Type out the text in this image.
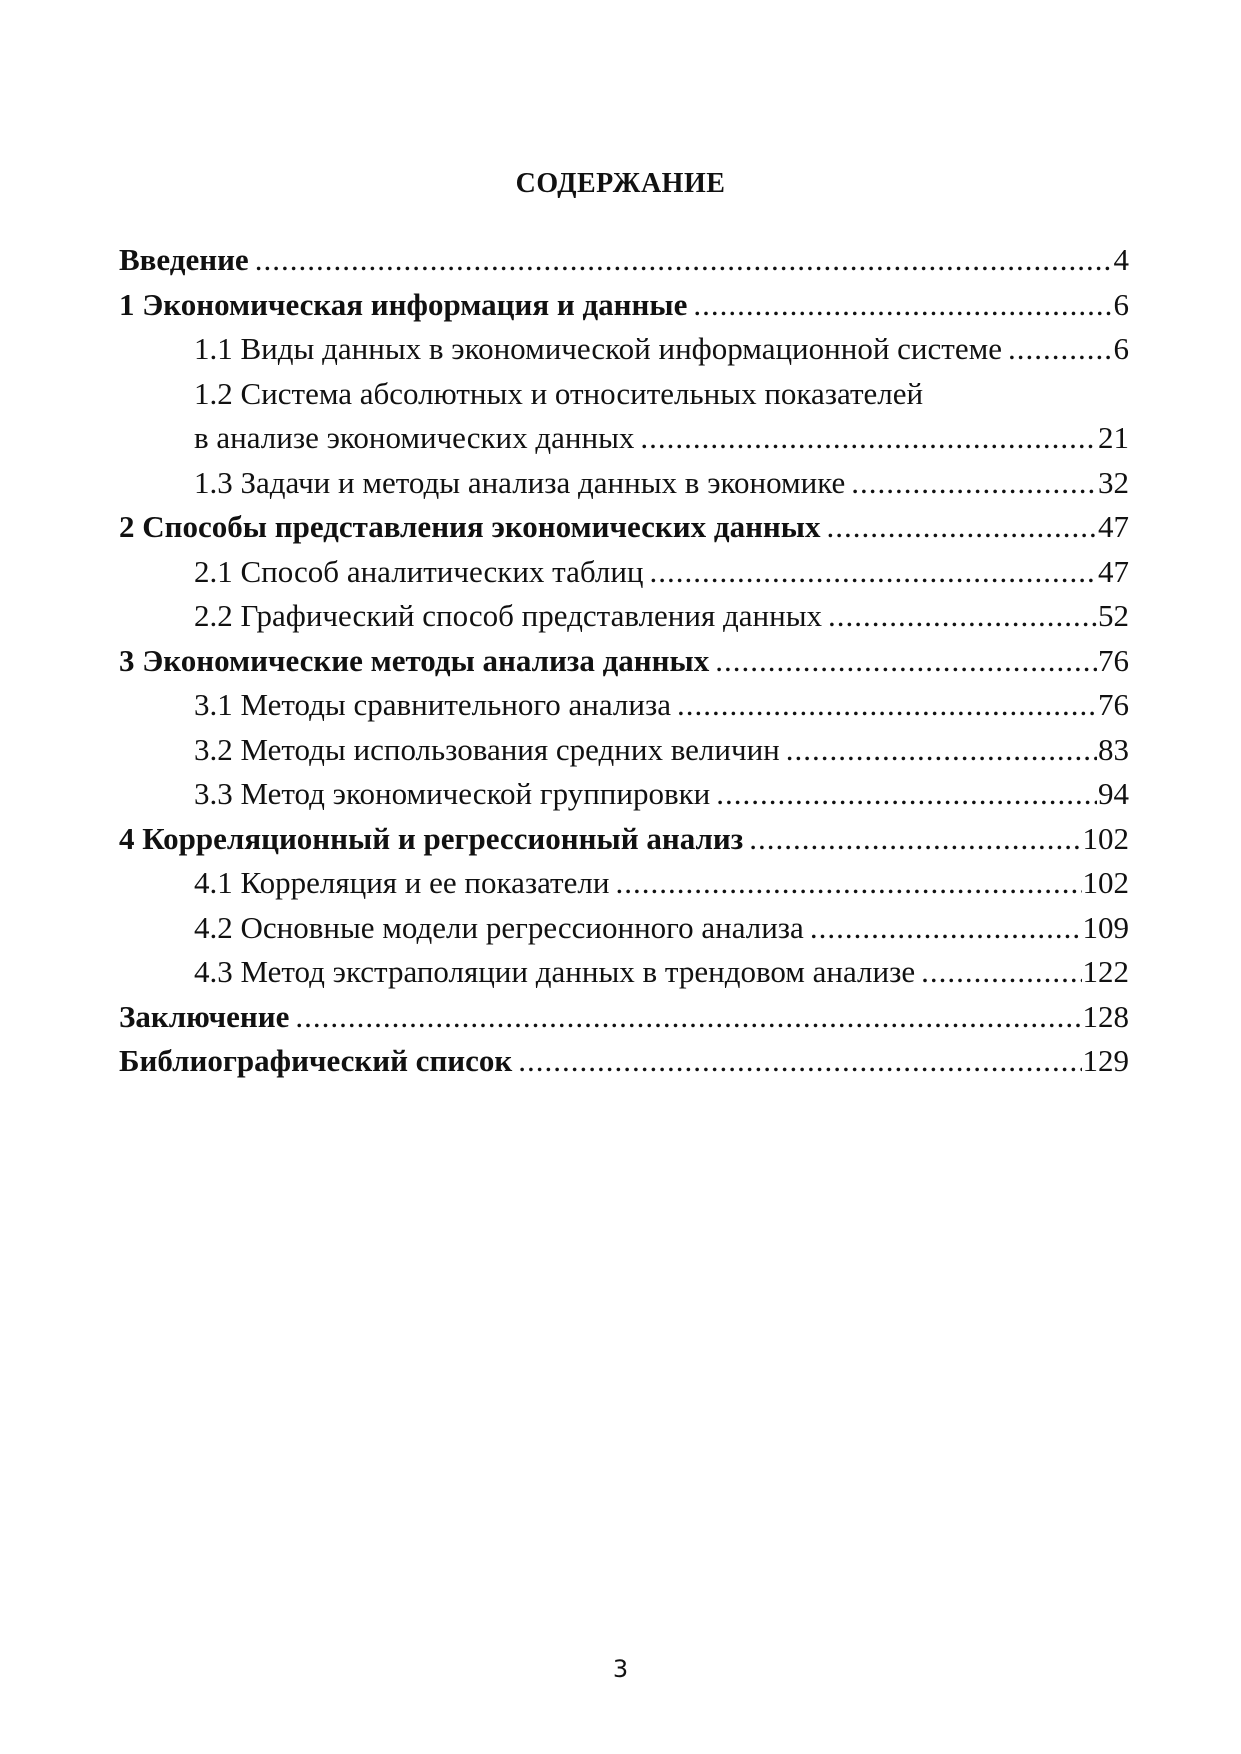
СОДЕРЖАНИЕ
Введение .....	4
1 Экономическая информация и данные .....	6
1.1 Виды данных в экономической информационной системе .....	6
1.2 Система абсолютных и относительных показателей
в анализе экономических данных .....	21
1.3 Задачи и методы анализа данных в экономике .....	32
2 Способы представления экономических данных .....	47
2.1 Способ аналитических таблиц .....	47
2.2 Графический способ представления данных .....	52
3 Экономические методы анализа данных .....	76
3.1 Методы сравнительного анализа .....	76
3.2 Методы использования средних величин .....	83
3.3 Метод экономической группировки .....	94
4 Корреляционный и регрессионный анализ .....	102
4.1 Корреляция и ее показатели .....	102
4.2 Основные модели регрессионного анализа .....	109
4.3 Метод экстраполяции данных в трендовом анализе .....	122
Заключение .....	128
Библиографический список .....	129
3
